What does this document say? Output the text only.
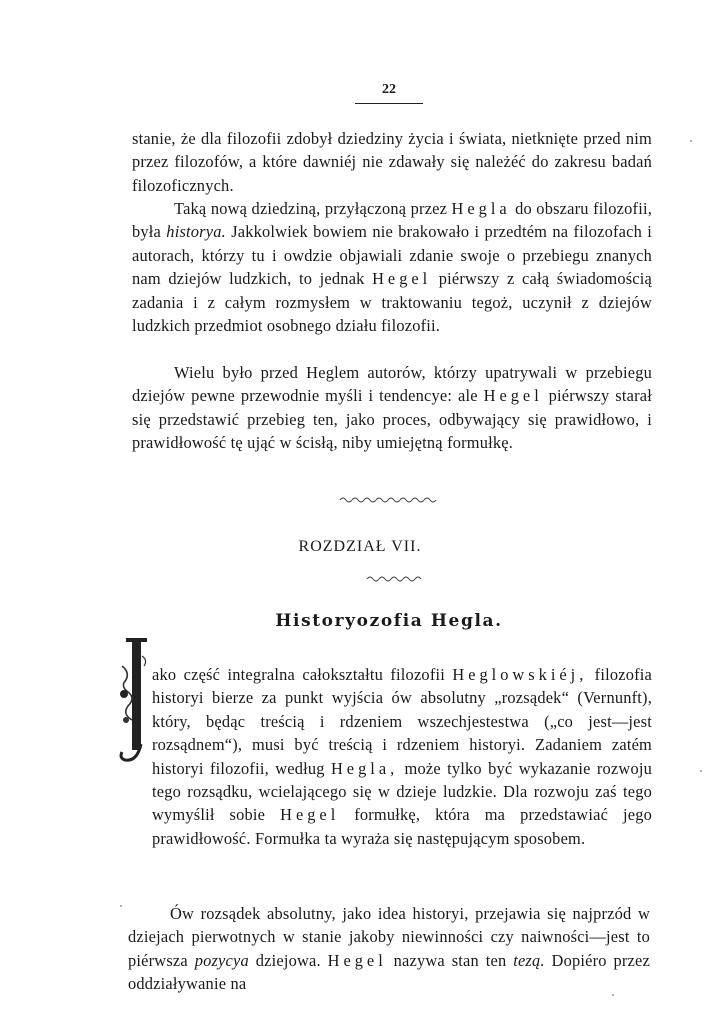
22

stanie, że dla filozofii zdobył dziedziny życia i świata, nietknięte przed nim przez filozofów, a które dawniéj nie zdawały się należéć do zakresu badań filozoficznych.

Taką nową dziedziną, przyłączoną przez Hegla do obszaru filozofii, była historya. Jakkolwiek bowiem nie brakowało i przedtém na filozofach i autorach, którzy tu i owdzie objawiali zdanie swoje o przebiegu znanych nam dziejów ludzkich, to jednak Hegel piérwszy z całą świadomością zadania i z całym rozmysłem w traktowaniu tegoż, uczynił z dziejów ludzkich przedmiot osobnego działu filozofii.

Wielu było przed Heglem autorów, którzy upatrywali w przebiegu dziejów pewne przewodnie myśli i tendencye: ale Hegel piérwszy starał się przedstawić przebieg ten, jako proces, odbywający się prawidłowo, i prawidłowość tę ująć w ścisłą, niby umiejętną formułkę.

ROZDZIAŁ VII.
Historyozofia Hegla.

ako część integralna całokształtu filozofii Heglowskiéj, filozofia historyi bierze za punkt wyjścia ów absolutny „rozsądek“ (Vernunft), który, będąc treścią i rdzeniem wszechjestestwa („co jest—jest rozsądnem“), musi być treścią i rdzeniem historyi. Zadaniem zatém historyi filozofii, według Hegla, może tylko być wykazanie rozwoju tego rozsądku, wcielającego się w dzieje ludzkie. Dla rozwoju zaś tego wymyślił sobie Hegel formułkę, która ma przedstawiać jego prawidłowość. Formułka ta wyraża się następującym sposobem.

Ów rozsądek absolutny, jako idea historyi, przejawia się najprzód w dziejach pierwotnych w stanie jakoby niewinności czy naiwności—jest to piérwsza pozycya dziejowa. Hegel nazywa stan ten tezą. Dopiéro przez oddziaływanie na
